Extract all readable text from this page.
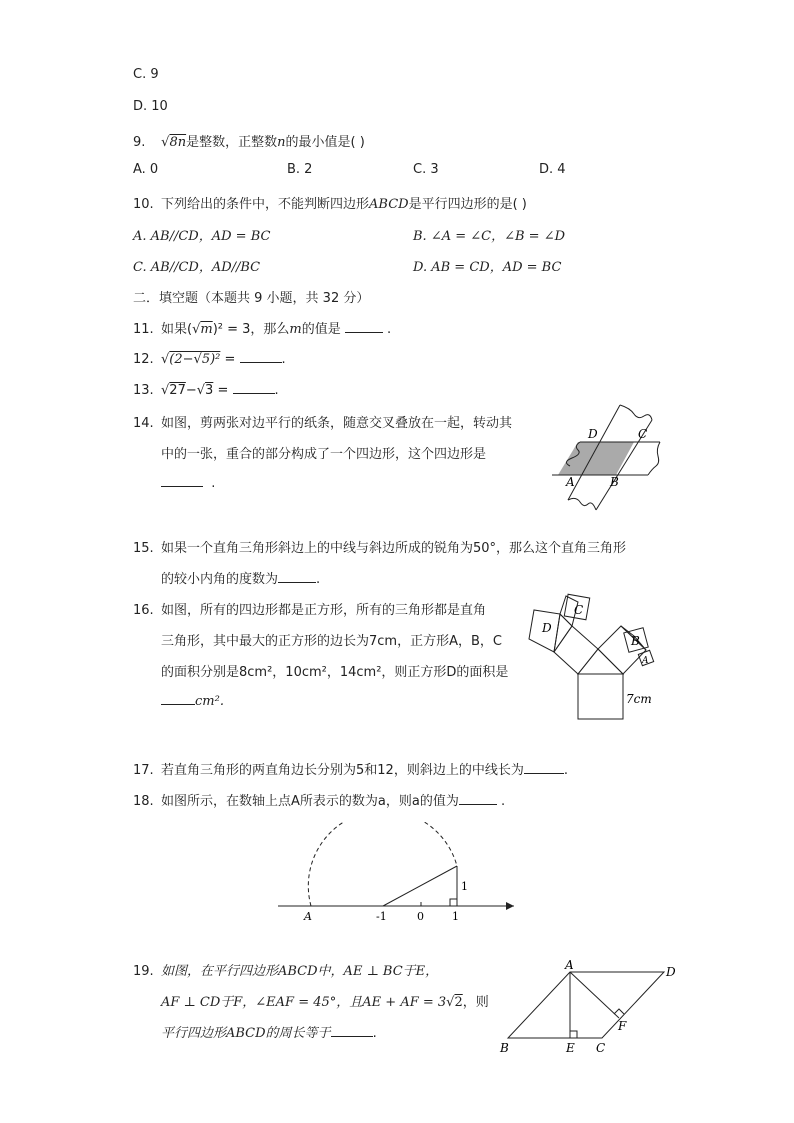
C. 9
D. 10
9. √8n是整数，正整数n的最小值是( )
A. 0	B. 2	C. 3	D. 4
10. 下列给出的条件中，不能判断四边形ABCD是平行四边形的是( )
A. AB//CD，AD = BC	B. ∠A = ∠C，∠B = ∠D
C. AB//CD，AD//BC	D. AB = CD，AD = BC
二．填空题（本题共 9 小题，共 32 分）
11. 如果(√m)² = 3，那么m的值是	.
12. √(2−√5)² =	.
13. √27−√3 =	.
14. 如图，剪两张对边平行的纸条，随意交叉叠放在一起，转动其
中的一张，重合的部分构成了一个四边形，这个四边形是
.
D	C
A	B
15. 如果一个直角三角形斜边上的中线与斜边所成的锐角为50°，那么这个直角三角形
的较小内角的度数为	.
16. 如图，所有的四边形都是正方形，所有的三角形都是直角
三角形，其中最大的正方形的边长为7cm，正方形A，B，C
的面积分别是8cm²，10cm²，14cm²，则正方形D的面积是
cm².
D
C
B
A
7cm
17. 若直角三角形的两直角边长分别为5和12，则斜边上的中线长为	.
18. 如图所示，在数轴上点A所表示的数为a，则a的值为	.
A	-1	0	1
1
19. 如图，在平行四边形ABCD中，AE ⊥ BC于E，
AF ⊥ CD于F，∠EAF = 45°，且AE + AF = 3√2，则
平行四边形ABCD的周长等于	.
A	D
B	E C
F
